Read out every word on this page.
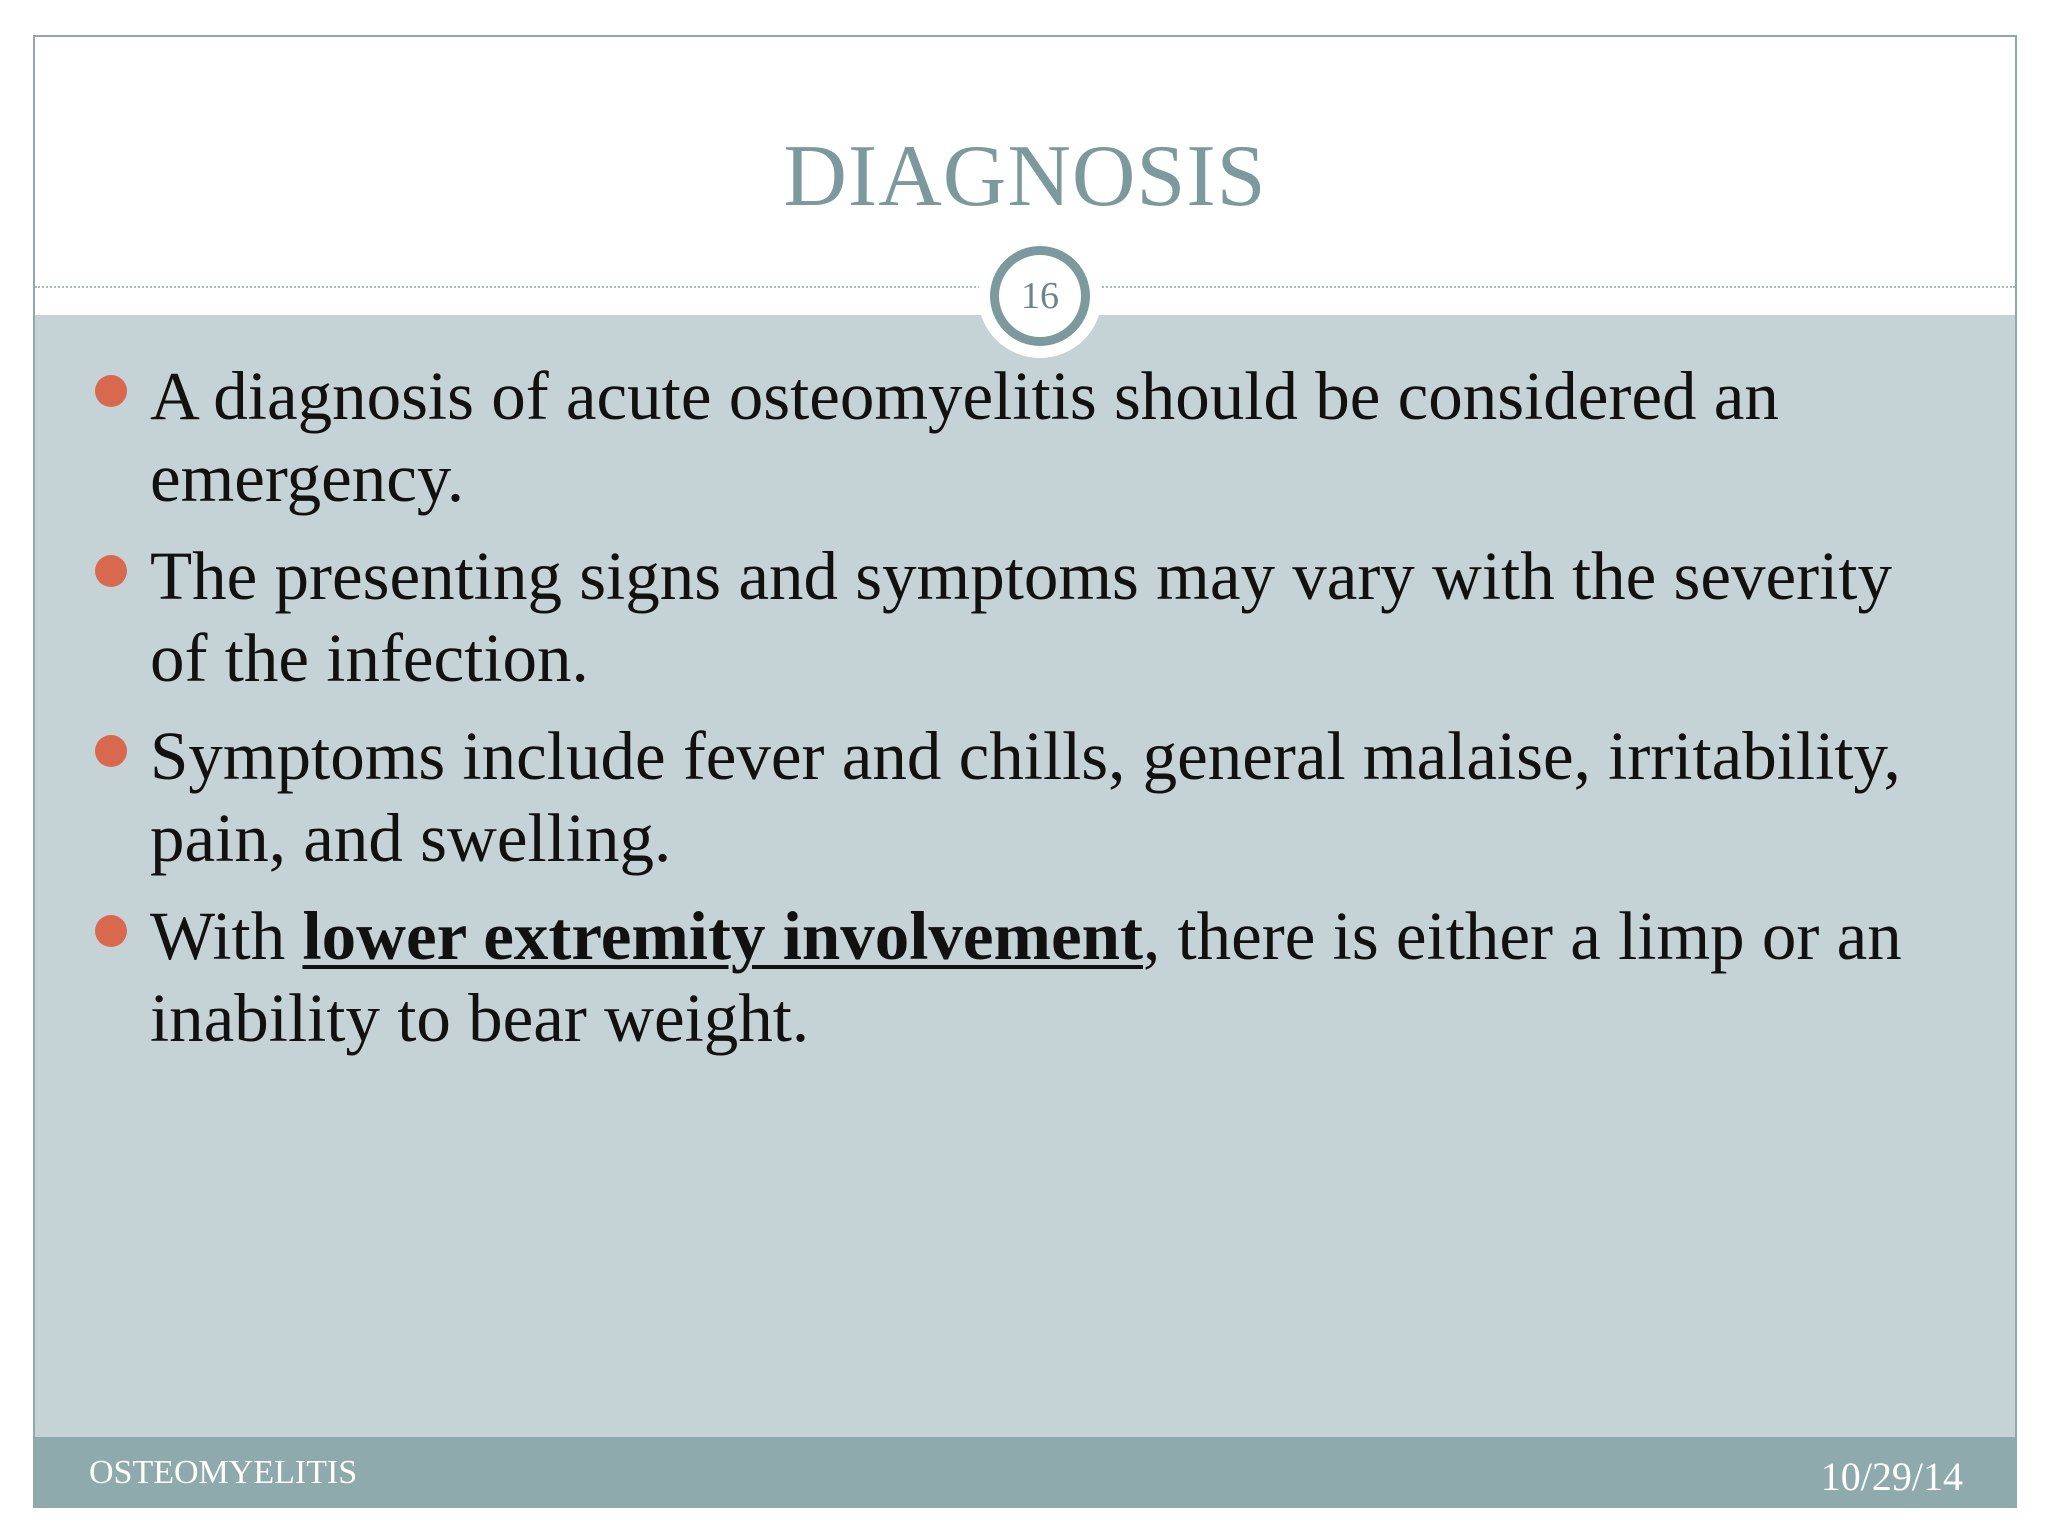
DIAGNOSIS
16
A diagnosis of acute osteomyelitis should be considered an emergency.
The presenting signs and symptoms may vary with the severity of the infection.
Symptoms include fever and chills, general malaise, irritability, pain, and swelling.
With lower extremity involvement, there is either a limp or an inability to bear weight.
OSTEOMYELITIS	10/29/14
